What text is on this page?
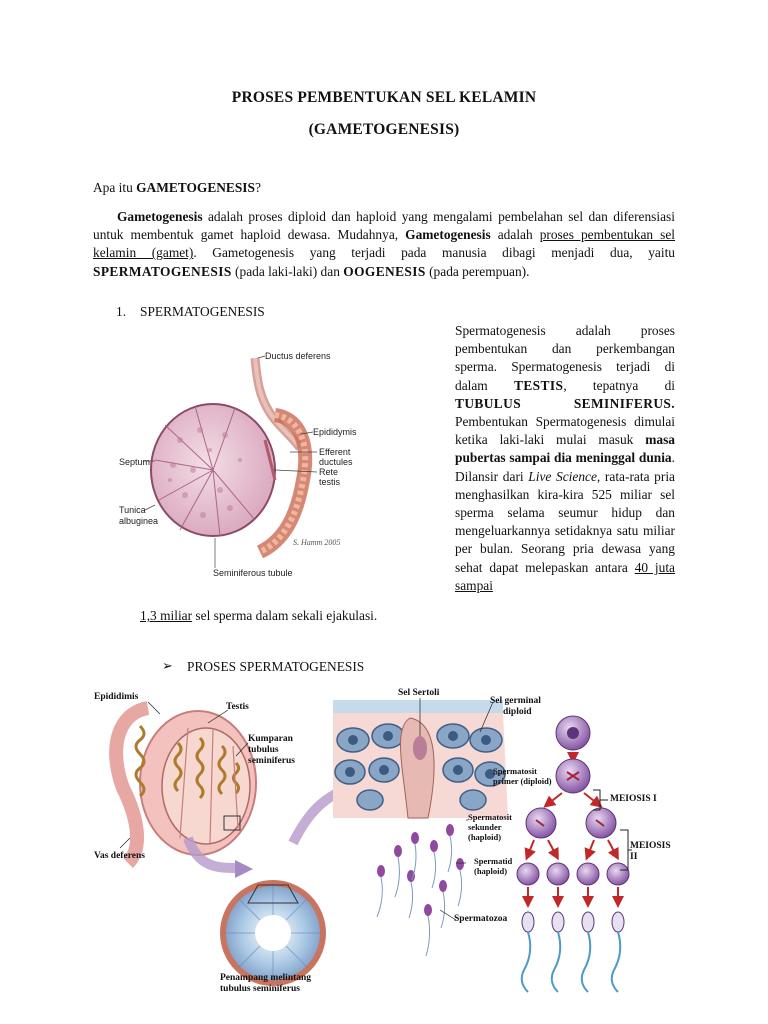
PROSES PEMBENTUKAN SEL KELAMIN
(GAMETOGENESIS)
Apa itu GAMETOGENESIS?
Gametogenesis adalah proses diploid dan haploid yang mengalami pembelahan sel dan diferensiasi untuk membentuk gamet haploid dewasa. Mudahnya, Gametogenesis adalah proses pembentukan sel kelamin (gamet). Gametogenesis yang terjadi pada manusia dibagi menjadi dua, yaitu SPERMATOGENESIS (pada laki-laki) dan OOGENESIS (pada perempuan).
1. SPERMATOGENESIS
Ductus deferens
Epididymis
Efferent ductules
Rete testis
Septum
Tunica
albuginea
Seminiferous tubule
S. Hamm 2005

Spermatogenesis adalah proses pembentukan dan perkembangan sperma. Spermatogenesis terjadi di dalam TESTIS, tepatnya di TUBULUS SEMINIFERUS. Pembentukan Spermatogenesis dimulai ketika laki-laki mulai masuk masa pubertas sampai dia meninggal dunia. Dilansir dari Live Science, rata-rata pria menghasilkan kira-kira 525 miliar sel sperma selama seumur hidup dan mengeluarkannya setidaknya satu miliar per bulan. Seorang pria dewasa yang sehat dapat melepaskan antara 40 juta sampai

1,3 miliar sel sperma dalam sekali ejakulasi.
➢ PROSES SPERMATOGENESIS
Epididimis
Testis
Kumparan
tubulus
seminiferus
Vas deferens
Penampang melintang
tubulus seminiferus
Sel Sertoli
Sel germinal
diploid
Spermatosit
primer (diploid)
Spermatosit
sekunder
(haploid)
Spermatid
(haploid)
Spermatozoa
MEIOSIS I
MEIOSIS
II
